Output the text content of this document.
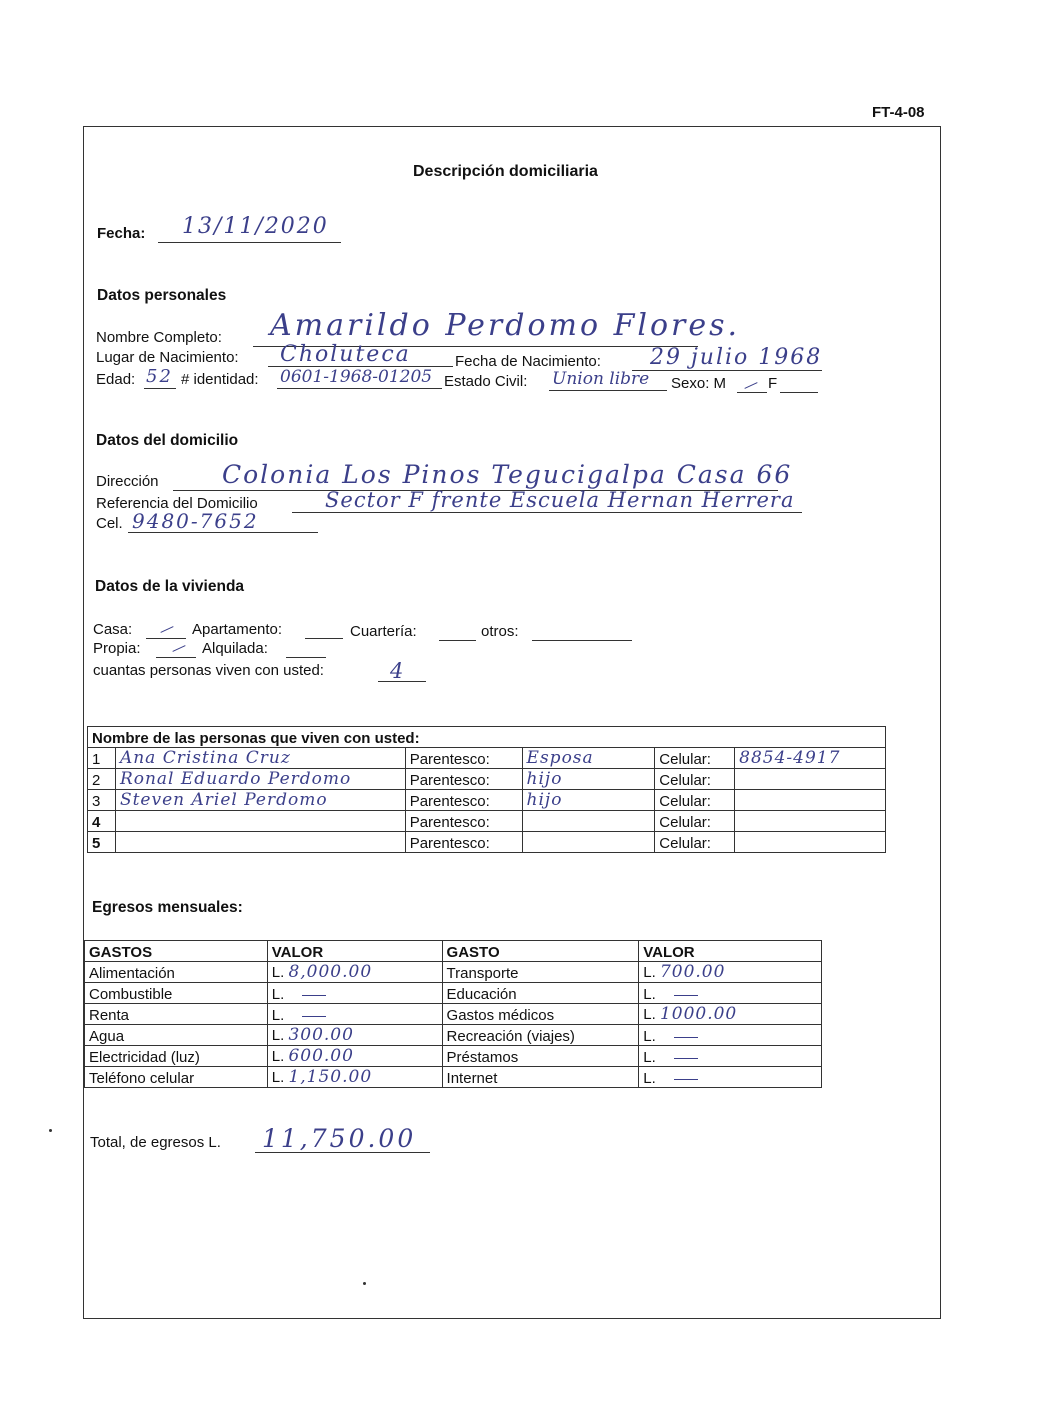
FT-4-08
Descripción domiciliaria
Fecha: 13/11/2020
Datos personales
Nombre Completo: Amarildo Perdomo Flores.
Lugar de Nacimiento: Choluteca	Fecha de Nacimiento: 29 julio 1968
Edad: 52 # identidad: 0601-1968-01205 Estado Civil: Union libre Sexo: M	F
Datos del domicilio
Dirección	Colonia Los Pinos Tegucigalpa Casa 66
Referencia del Domicilio	Sector F frente Escuela Hernan Herrera
Cel. 9480-7652
Datos de la vivienda
Casa:	Apartamento:	Cuartería:	otros:
Propia:	Alquilada:
cuantas personas viven con usted:	4
Nombre de las personas que viven con usted:					
1	Ana Cristina Cruz	Parentesco:	Esposa	Celular:	8854-4917
2	Ronal Eduardo Perdomo	Parentesco:	hijo	Celular:	
3	Steven Ariel Perdomo	Parentesco:	hijo	Celular:	
4		Parentesco:		Celular:	
5		Parentesco:		Celular:	
Egresos mensuales:
GASTOS	VALOR	GASTO	VALOR
Alimentación	L. 8,000.00	Transporte	L. 700.00
Combustible	L.	Educación	L.
Renta	L.	Gastos médicos	L. 1000.00
Agua	L. 300.00	Recreación (viajes)	L.
Electricidad (luz)	L. 600.00	Préstamos	L.
Teléfono celular	L. 1,150.00	Internet	L.
Total, de egresos L. 11,750.00
